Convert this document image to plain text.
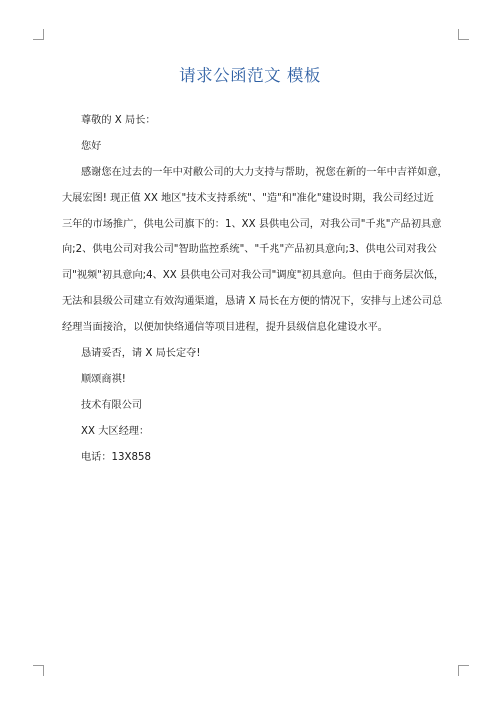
请求公函范文 模板
尊敬的 X 局长：
您好
感谢您在过去的一年中对敝公司的大力支持与帮助，祝您在新的一年中吉祥如意，
大展宏图! 现正值 XX 地区"技术支持系统"、"造"和"准化"建设时期，我公司经过近
三年的市场推广，供电公司旗下的：1、XX 县供电公司，对我公司"千兆"产品初具意
向;2、供电公司对我公司"智助监控系统"、"千兆"产品初具意向;3、供电公司对我公
司"视频"初具意向;4、XX 县供电公司对我公司"调度"初具意向。但由于商务层次低，
无法和县级公司建立有效沟通渠道，恳请 X 局长在方便的情况下，安排与上述公司总
经理当面接洽，以便加快络通信等项目进程，提升县级信息化建设水平。
恳请妥否，请 X 局长定夺!
顺颂商祺!
技术有限公司
XX 大区经理：
电话：13X858
